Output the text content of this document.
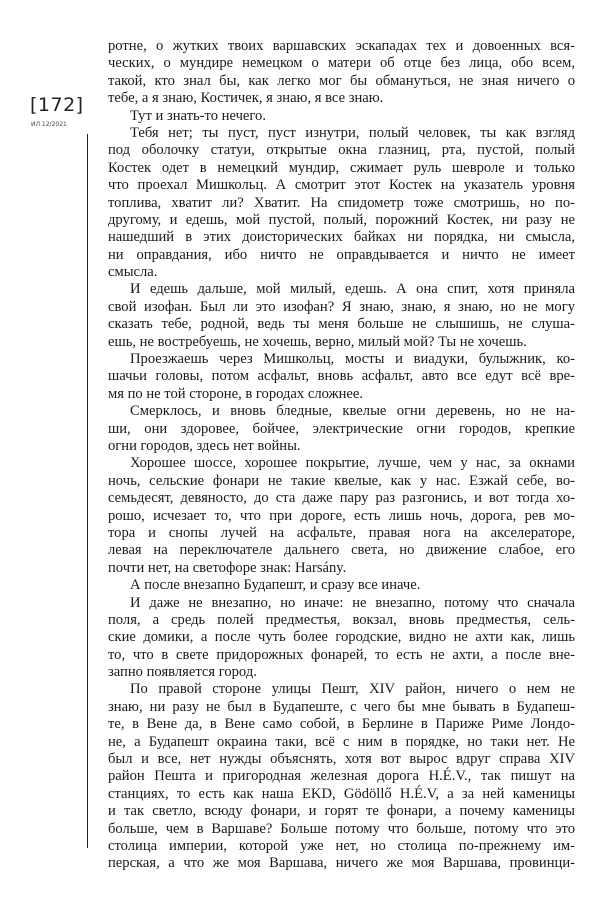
[172]
ИЛ 12/2021
ротне, о жутких твоих варшавских эскападах тех и довоенных вся-
ческих, о мундире немецком о матери об отце без лица, обо всем,
такой, кто знал бы, как легко мог бы обмануться, не зная ничего о
тебе, а я знаю, Костичек, я знаю, я все знаю.
Тут и знать-то нечего.
Тебя нет; ты пуст, пуст изнутри, полый человек, ты как взгляд
под оболочку статуи, открытые окна глазниц, рта, пустой, полый
Костек одет в немецкий мундир, сжимает руль шевроле и только
что проехал Мишкольц. А смотрит этот Костек на указатель уровня
топлива, хватит ли? Хватит. На спидометр тоже смотришь, но по-
другому, и едешь, мой пустой, полый, порожний Костек, ни разу не
нашедший в этих доисторических байках ни порядка, ни смысла,
ни оправдания, ибо ничто не оправдывается и ничто не имеет
смысла.
И едешь дальше, мой милый, едешь. А она спит, хотя приняла
свой изофан. Был ли это изофан? Я знаю, знаю, я знаю, но не могу
сказать тебе, родной, ведь ты меня больше не слышишь, не слуша-
ешь, не востребуешь, не хочешь, верно, милый мой? Ты не хочешь.
Проезжаешь через Мишкольц, мосты и виадуки, булыжник, ко-
шачьи головы, потом асфальт, вновь асфальт, авто все едут всё вре-
мя по не той стороне, в городах сложнее.
Смерклось, и вновь бледные, квелые огни деревень, но не на-
ши, они здоровее, бойчее, электрические огни городов, крепкие
огни городов, здесь нет войны.
Хорошее шоссе, хорошее покрытие, лучше, чем у нас, за окнами
ночь, сельские фонари не такие квелые, как у нас. Езжай себе, во-
семьдесят, девяносто, до ста даже пару раз разгонись, и вот тогда хо-
рошо, исчезает то, что при дороге, есть лишь ночь, дорога, рев мо-
тора и снопы лучей на асфальте, правая нога на акселераторе,
левая на переключателе дальнего света, но движение слабое, его
почти нет, на светофоре знак: Harsány.
А после внезапно Будапешт, и сразу все иначе.
И даже не внезапно, но иначе: не внезапно, потому что сначала
поля, а средь полей предместья, вокзал, вновь предместья, сель-
ские домики, а после чуть более городские, видно не ахти как, лишь
то, что в свете придорожных фонарей, то есть не ахти, а после вне-
запно появляется город.
По правой стороне улицы Пешт, XIV район, ничего о нем не
знаю, ни разу не был в Будапеште, с чего бы мне бывать в Будапеш-
те, в Вене да, в Вене само собой, в Берлине в Париже Риме Лондо-
не, а Будапешт окраина таки, всё с ним в порядке, но таки нет. Не
был и все, нет нужды объяснять, хотя вот вырос вдруг справа XIV
район Пешта и пригородная железная дорога H.É.V., так пишут на
станциях, то есть как наша EKD, Gödöllő H.É.V, а за ней каменицы
и так светло, всюду фонари, и горят те фонари, а почему каменицы
больше, чем в Варшаве? Больше потому что больше, потому что это
столица империи, которой уже нет, но столица по-прежнему им-
перская, а что же моя Варшава, ничего же моя Варшава, провинци-
